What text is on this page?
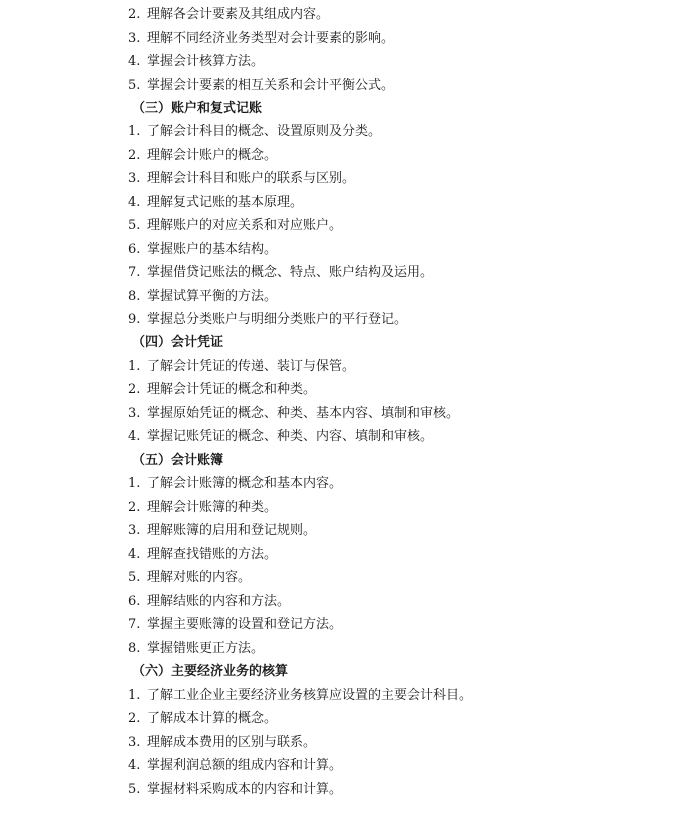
2. 理解各会计要素及其组成内容。
3. 理解不同经济业务类型对会计要素的影响。
4. 掌握会计核算方法。
5. 掌握会计要素的相互关系和会计平衡公式。
（三）账户和复式记账
1. 了解会计科目的概念、设置原则及分类。
2. 理解会计账户的概念。
3. 理解会计科目和账户的联系与区别。
4. 理解复式记账的基本原理。
5. 理解账户的对应关系和对应账户。
6. 掌握账户的基本结构。
7. 掌握借贷记账法的概念、特点、账户结构及运用。
8. 掌握试算平衡的方法。
9. 掌握总分类账户与明细分类账户的平行登记。
（四）会计凭证
1. 了解会计凭证的传递、装订与保管。
2. 理解会计凭证的概念和种类。
3. 掌握原始凭证的概念、种类、基本内容、填制和审核。
4. 掌握记账凭证的概念、种类、内容、填制和审核。
（五）会计账簿
1. 了解会计账簿的概念和基本内容。
2. 理解会计账簿的种类。
3. 理解账簿的启用和登记规则。
4. 理解查找错账的方法。
5. 理解对账的内容。
6. 理解结账的内容和方法。
7. 掌握主要账簿的设置和登记方法。
8. 掌握错账更正方法。
（六）主要经济业务的核算
1. 了解工业企业主要经济业务核算应设置的主要会计科目。
2. 了解成本计算的概念。
3. 理解成本费用的区别与联系。
4. 掌握利润总额的组成内容和计算。
5. 掌握材料采购成本的内容和计算。
